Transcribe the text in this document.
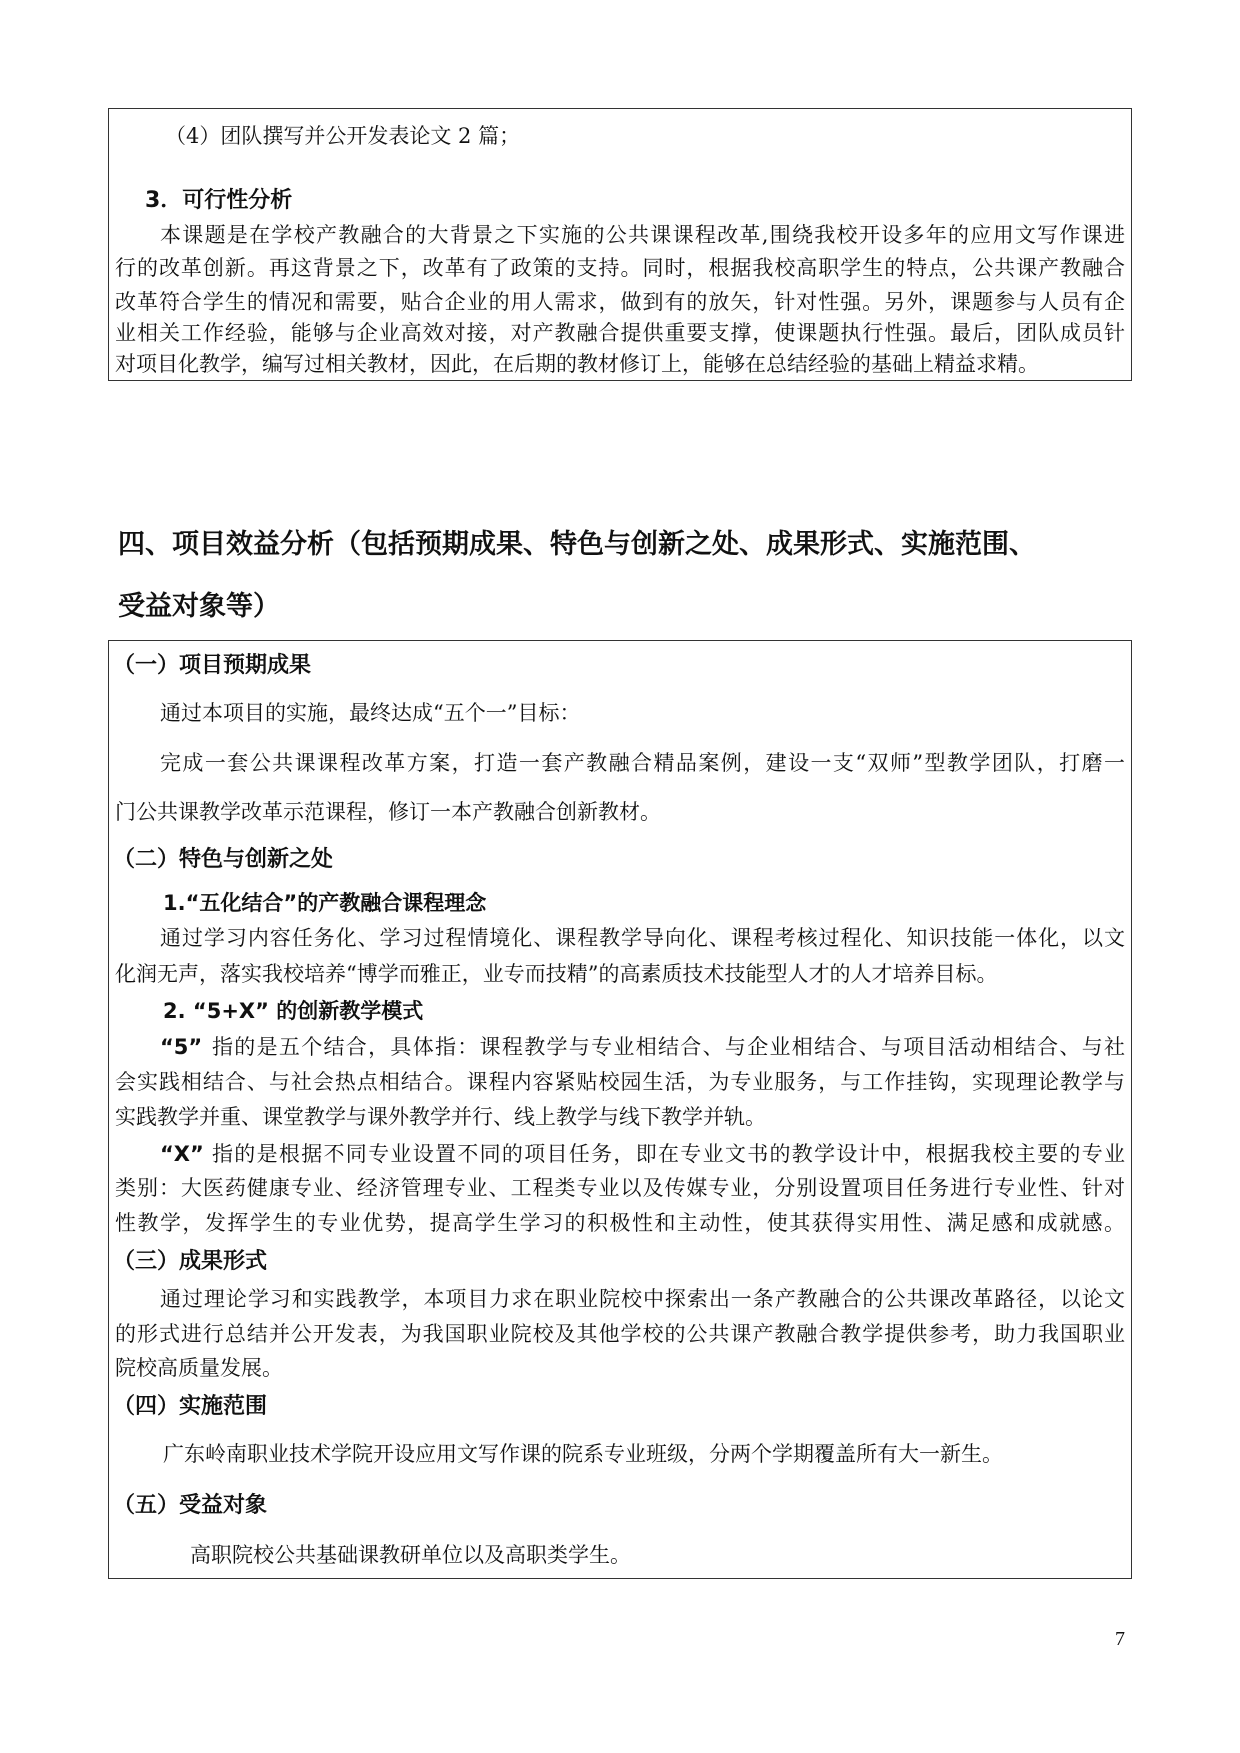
（4）团队撰写并公开发表论文 2 篇；
3．可行性分析
本课题是在学校产教融合的大背景之下实施的公共课课程改革,围绕我校开设多年的应用文写作课进
行的改革创新。再这背景之下，改革有了政策的支持。同时，根据我校高职学生的特点，公共课产教融合
改革符合学生的情况和需要，贴合企业的用人需求，做到有的放矢，针对性强。另外，课题参与人员有企
业相关工作经验，能够与企业高效对接，对产教融合提供重要支撑，使课题执行性强。最后，团队成员针
对项目化教学，编写过相关教材，因此，在后期的教材修订上，能够在总结经验的基础上精益求精。
四、项目效益分析（包括预期成果、特色与创新之处、成果形式、实施范围、
受益对象等）
（一）项目预期成果
通过本项目的实施，最终达成“五个一”目标：
完成一套公共课课程改革方案，打造一套产教融合精品案例，建设一支“双师”型教学团队，打磨一
门公共课教学改革示范课程，修订一本产教融合创新教材。
（二）特色与创新之处
1.“五化结合”的产教融合课程理念
通过学习内容任务化、学习过程情境化、课程教学导向化、课程考核过程化、知识技能一体化，以文
化润无声，落实我校培养“博学而雅正，业专而技精”的高素质技术技能型人才的人才培养目标。
2. “5+X” 的创新教学模式
“5” 指的是五个结合，具体指：课程教学与专业相结合、与企业相结合、与项目活动相结合、与社
会实践相结合、与社会热点相结合。课程内容紧贴校园生活，为专业服务，与工作挂钩，实现理论教学与
实践教学并重、课堂教学与课外教学并行、线上教学与线下教学并轨。
“X” 指的是根据不同专业设置不同的项目任务，即在专业文书的教学设计中，根据我校主要的专业
类别：大医药健康专业、经济管理专业、工程类专业以及传媒专业，分别设置项目任务进行专业性、针对
性教学，发挥学生的专业优势，提高学生学习的积极性和主动性，使其获得实用性、满足感和成就感。
（三）成果形式
通过理论学习和实践教学，本项目力求在职业院校中探索出一条产教融合的公共课改革路径，以论文
的形式进行总结并公开发表，为我国职业院校及其他学校的公共课产教融合教学提供参考，助力我国职业
院校高质量发展。
（四）实施范围
广东岭南职业技术学院开设应用文写作课的院系专业班级，分两个学期覆盖所有大一新生。
（五）受益对象
高职院校公共基础课教研单位以及高职类学生。
7
